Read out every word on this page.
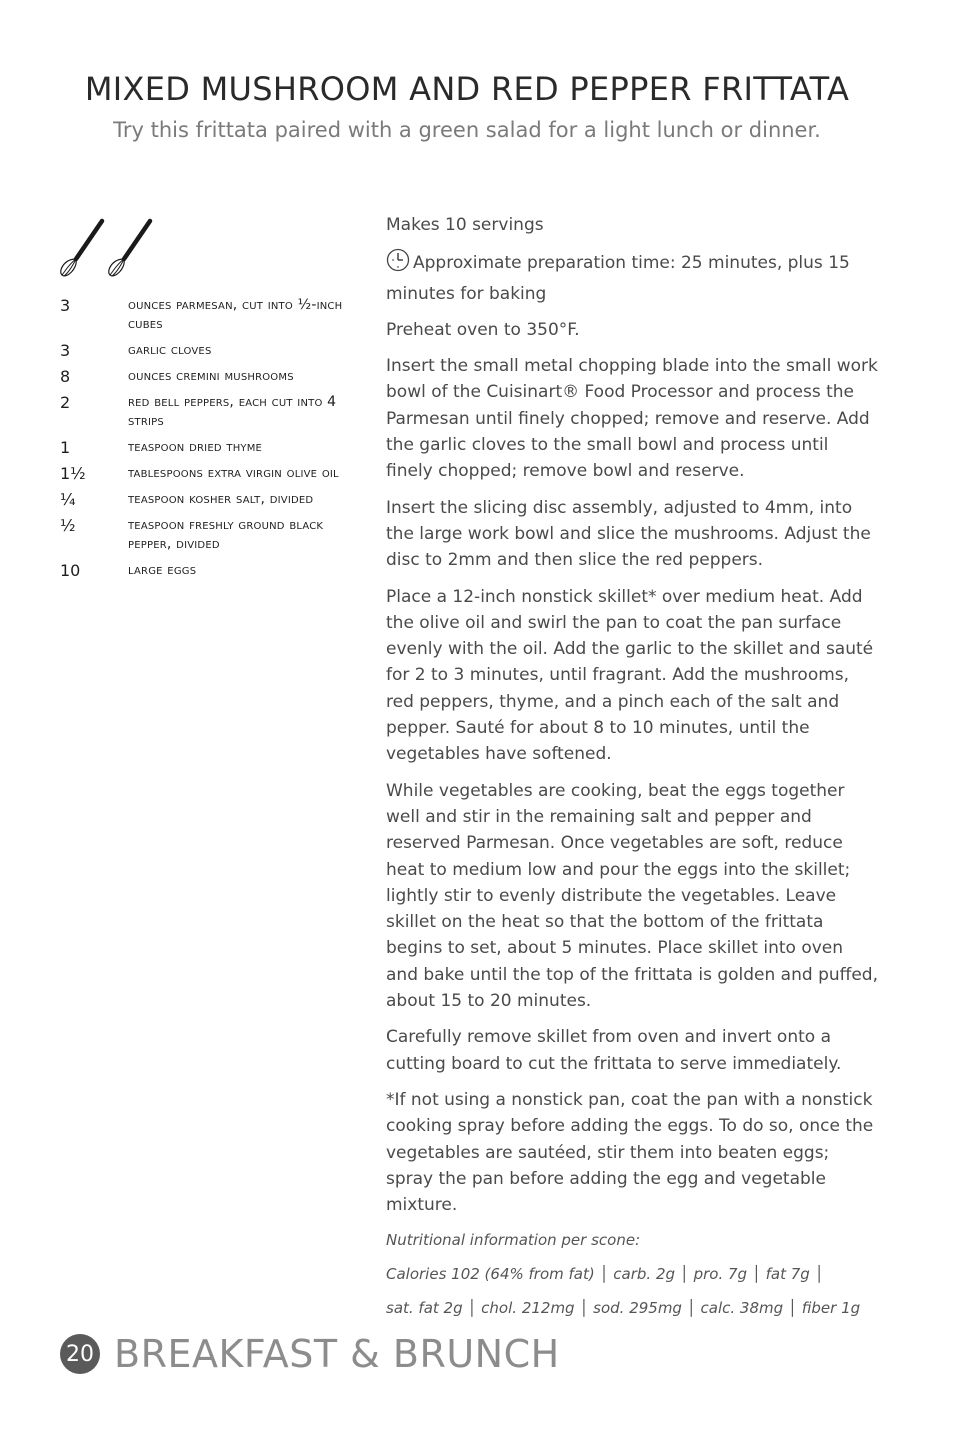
MIXED MUSHROOM AND RED PEPPER FRITTATA
Try this frittata paired with a green salad for a light lunch or dinner.
3	ounces parmesan, cut into ½-inch cubes
3	garlic cloves
8	ounces cremini mushrooms
2	red bell peppers, each cut into 4 strips
1	teaspoon dried thyme
1½	tablespoons extra virgin olive oil
¼	teaspoon kosher salt, divided
½	teaspoon freshly ground black pepper, divided
10	large eggs

Makes 10 servings

Approximate preparation time: 25 minutes, plus 15 minutes for baking

Preheat oven to 350°F.

Insert the small metal chopping blade into the small work bowl of the Cuisinart® Food Processor and process the Parmesan until finely chopped; remove and reserve. Add the garlic cloves to the small bowl and process until finely chopped; remove bowl and reserve.

Insert the slicing disc assembly, adjusted to 4mm, into the large work bowl and slice the mushrooms. Adjust the disc to 2mm and then slice the red peppers.

Place a 12-inch nonstick skillet* over medium heat. Add the olive oil and swirl the pan to coat the pan surface evenly with the oil. Add the garlic to the skillet and sauté for 2 to 3 minutes, until fragrant. Add the mushrooms, red peppers, thyme, and a pinch each of the salt and pepper. Sauté for about 8 to 10 minutes, until the vegetables have softened.

While vegetables are cooking, beat the eggs together well and stir in the remaining salt and pepper and reserved Parmesan. Once vegetables are soft, reduce heat to medium low and pour the eggs into the skillet; lightly stir to evenly distribute the vegetables. Leave skillet on the heat so that the bottom of the frittata begins to set, about 5 minutes. Place skillet into oven and bake until the top of the frittata is golden and puffed, about 15 to 20 minutes.

Carefully remove skillet from oven and invert onto a cutting board to cut the frittata to serve immediately.

*If not using a nonstick pan, coat the pan with a nonstick cooking spray before adding the eggs. To do so, once the vegetables are sautéed, stir them into beaten eggs; spray the pan before adding the egg and vegetable mixture.

Nutritional information per scone:

Calories 102 (64% from fat) │ carb. 2g │ pro. 7g │ fat 7g │

sat. fat 2g │ chol. 212mg │ sod. 295mg │ calc. 38mg │ fiber 1g

20 BREAKFAST & BRUNCH
